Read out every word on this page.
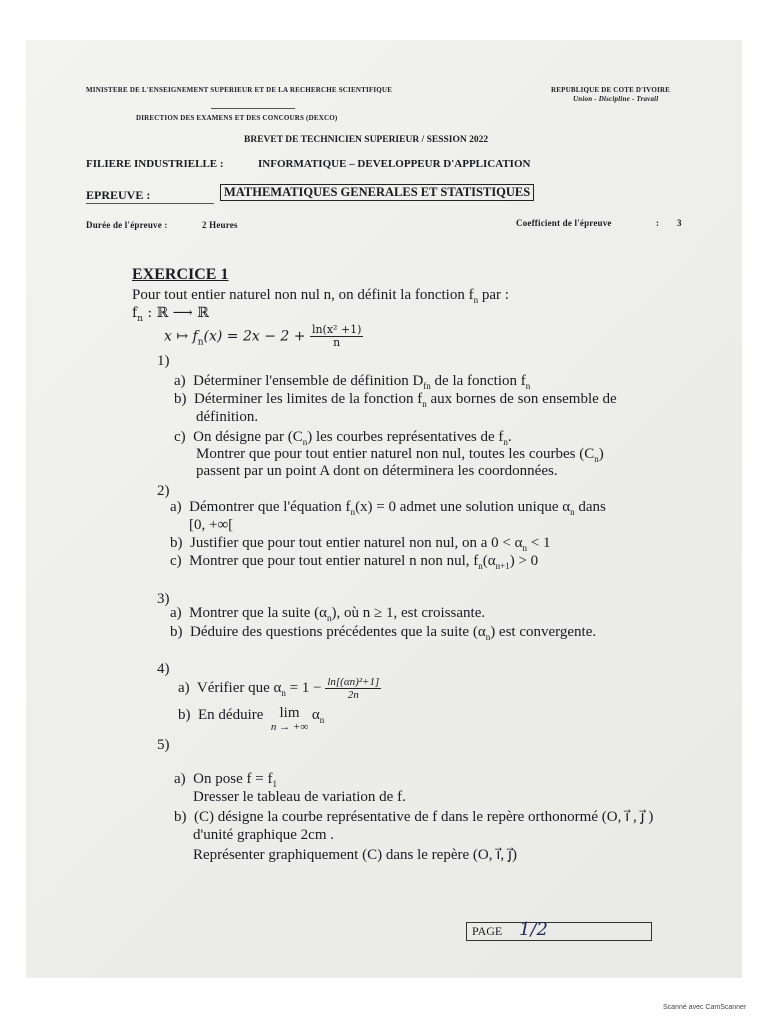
MINISTERE DE L'ENSEIGNEMENT SUPERIEUR ET DE LA RECHERCHE SCIENTIFIQUE	REPUBLIQUE DE COTE D'IVOIRE
Union - Discipline - Travail
DIRECTION DES EXAMENS ET DES CONCOURS (DEXCO)
BREVET DE TECHNICIEN SUPERIEUR / SESSION 2022
FILIERE INDUSTRIELLE :	INFORMATIQUE – DEVELOPPEUR D'APPLICATION
EPREUVE :	MATHEMATIQUES GENERALES ET STATISTIQUES
Durée de l'épreuve :	2 Heures	Coefficient de l'épreuve	: 3
EXERCICE 1
Pour tout entier naturel non nul n, on définit la fonction $f_n$ par :
$f_n$ : ℝ ⟶ ℝ
x ↦ $f_n(x) = 2x - 2 + \frac{\text{ln(x² +1)}}{n}$
1)
a) Déterminer l'ensemble de définition $D_{fn}$ de la fonction $f_n$
b) Déterminer les limites de la fonction $f_n$ aux bornes de son ensemble de
définition.
c) On désigne par $(C_n)$ les courbes représentatives de $f_n$.
Montrer que pour tout entier naturel non nul, toutes les courbes $(C_n)$
passent par un point A dont on déterminera les coordonnées.
2)
a) Démontrer que l'équation $f_n(x) = 0$ admet une solution unique $\alpha_n$ dans
[0, +∞[
b) Justifier que pour tout entier naturel non nul, on a $0 < \alpha_n < 1$
c) Montrer que pour tout entier naturel n non nul, $f_n(\alpha_{n+1}) > 0$
3)
a) Montrer que la suite $(\alpha_n)$, où n ≥ 1, est croissante.
b) Déduire des questions précédentes que la suite $(\alpha_n)$ est convergente.
4)
a) Vérifier que $\alpha_n = 1 - \frac{\text{ln[(αn)²+1]}}{2n}$
b) En déduire lim
n → +∞
$\alpha_n$
5)
a) On pose $f = f_1$
Dresser le tableau de variation de f.
b) (C) désigne la courbe représentative de f dans le repère orthonormé (O, i⃗ , j⃗ )
d'unité graphique 2cm .
Représenter graphiquement (C) dans le repère (O, i⃗, j⃗)
PAGE 1/2
Scanné avec CamScanner
